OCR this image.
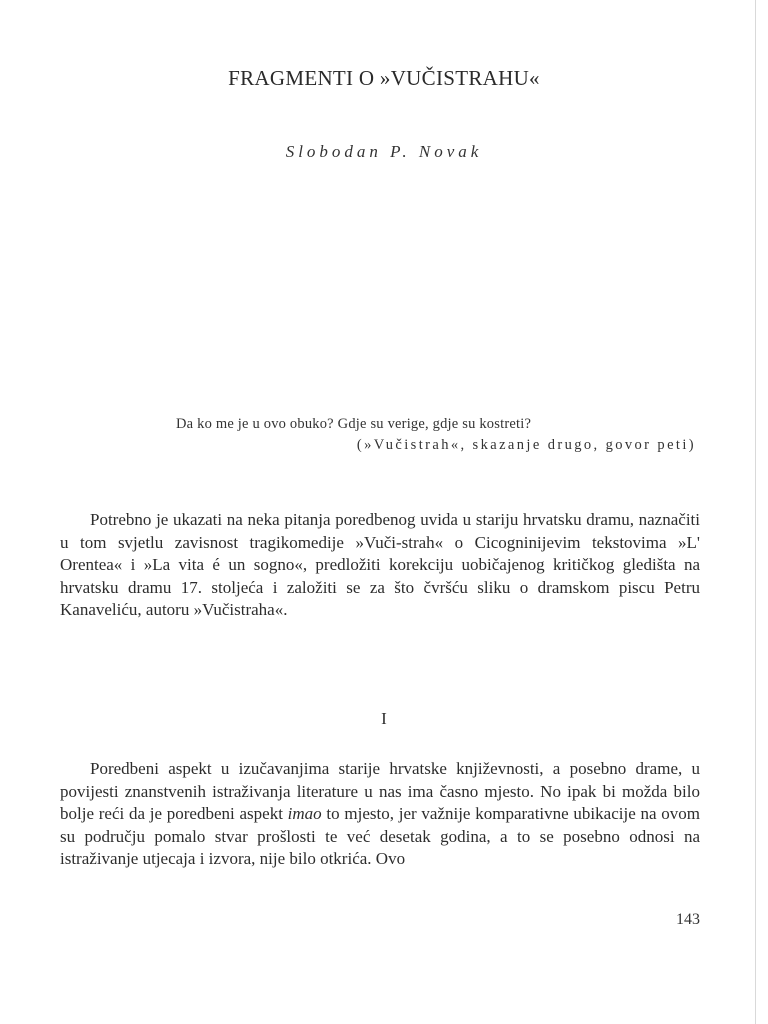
FRAGMENTI O »VUČISTRAHU«
Slobodan P. Novak
Da ko me je u ovo obuko? Gdje su verige, gdje su kostreti?
(»Vučistrah«, skazanje drugo, govor peti)
Potrebno je ukazati na neka pitanja poredbenog uvida u stariju hrvatsku dramu, naznačiti u tom svjetlu zavisnost tragikomedije »Vuči-strah« o Cicogninijevim tekstovima »L' Orentea« i »La vita é un sogno«, predložiti korekciju uobičajenog kritičkog gledišta na hrvatsku dramu 17. stoljeća i založiti se za što čvršću sliku o dramskom piscu Petru Kanaveliću, autoru »Vučistraha«.
I
Poredbeni aspekt u izučavanjima starije hrvatske književnosti, a posebno drame, u povijesti znanstvenih istraživanja literature u nas ima časno mjesto. No ipak bi možda bilo bolje reći da je poredbeni aspekt imao to mjesto, jer važnije komparativne ubikacije na ovom su području pomalo stvar prošlosti te već desetak godina, a to se posebno odnosi na istraživanje utjecaja i izvora, nije bilo otkrića. Ovo
143
